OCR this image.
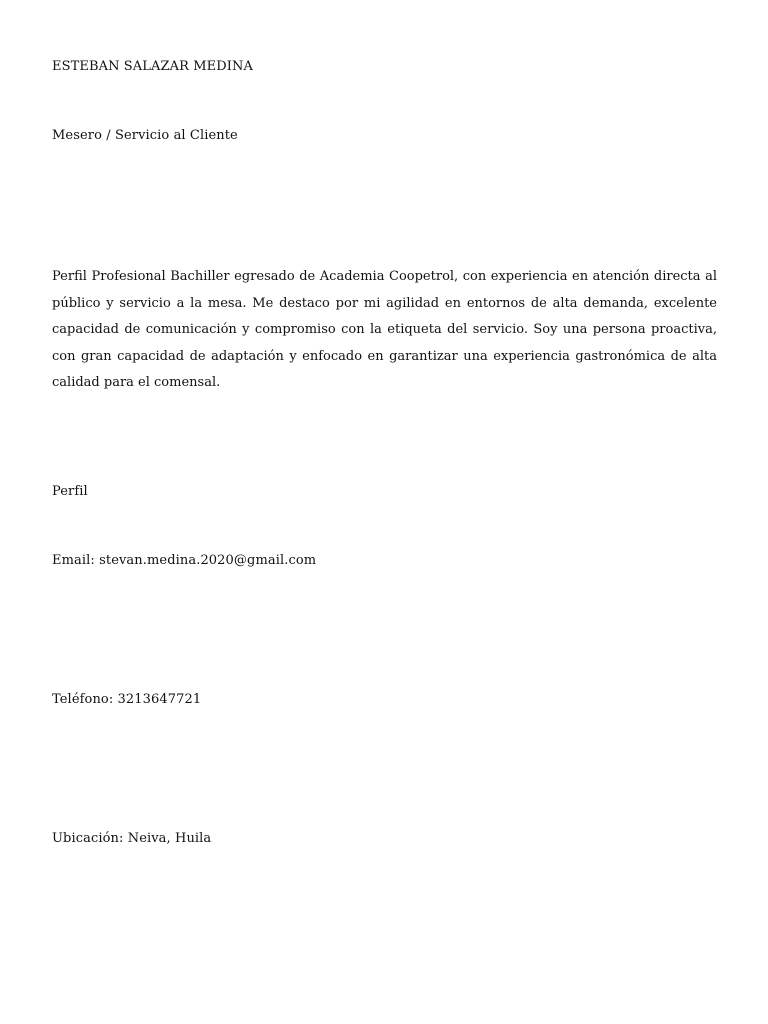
ESTEBAN SALAZAR MEDINA
Mesero / Servicio al Cliente
Perfil Profesional Bachiller egresado de Academia Coopetrol, con experiencia en atención directa al público y servicio a la mesa. Me destaco por mi agilidad en entornos de alta demanda, excelente capacidad de comunicación y compromiso con la etiqueta del servicio. Soy una persona proactiva, con gran capacidad de adaptación y enfocado en garantizar una experiencia gastronómica de alta calidad para el comensal.
Perfil
Email: stevan.medina.2020@gmail.com
Teléfono: 3213647721
Ubicación: Neiva, Huila
